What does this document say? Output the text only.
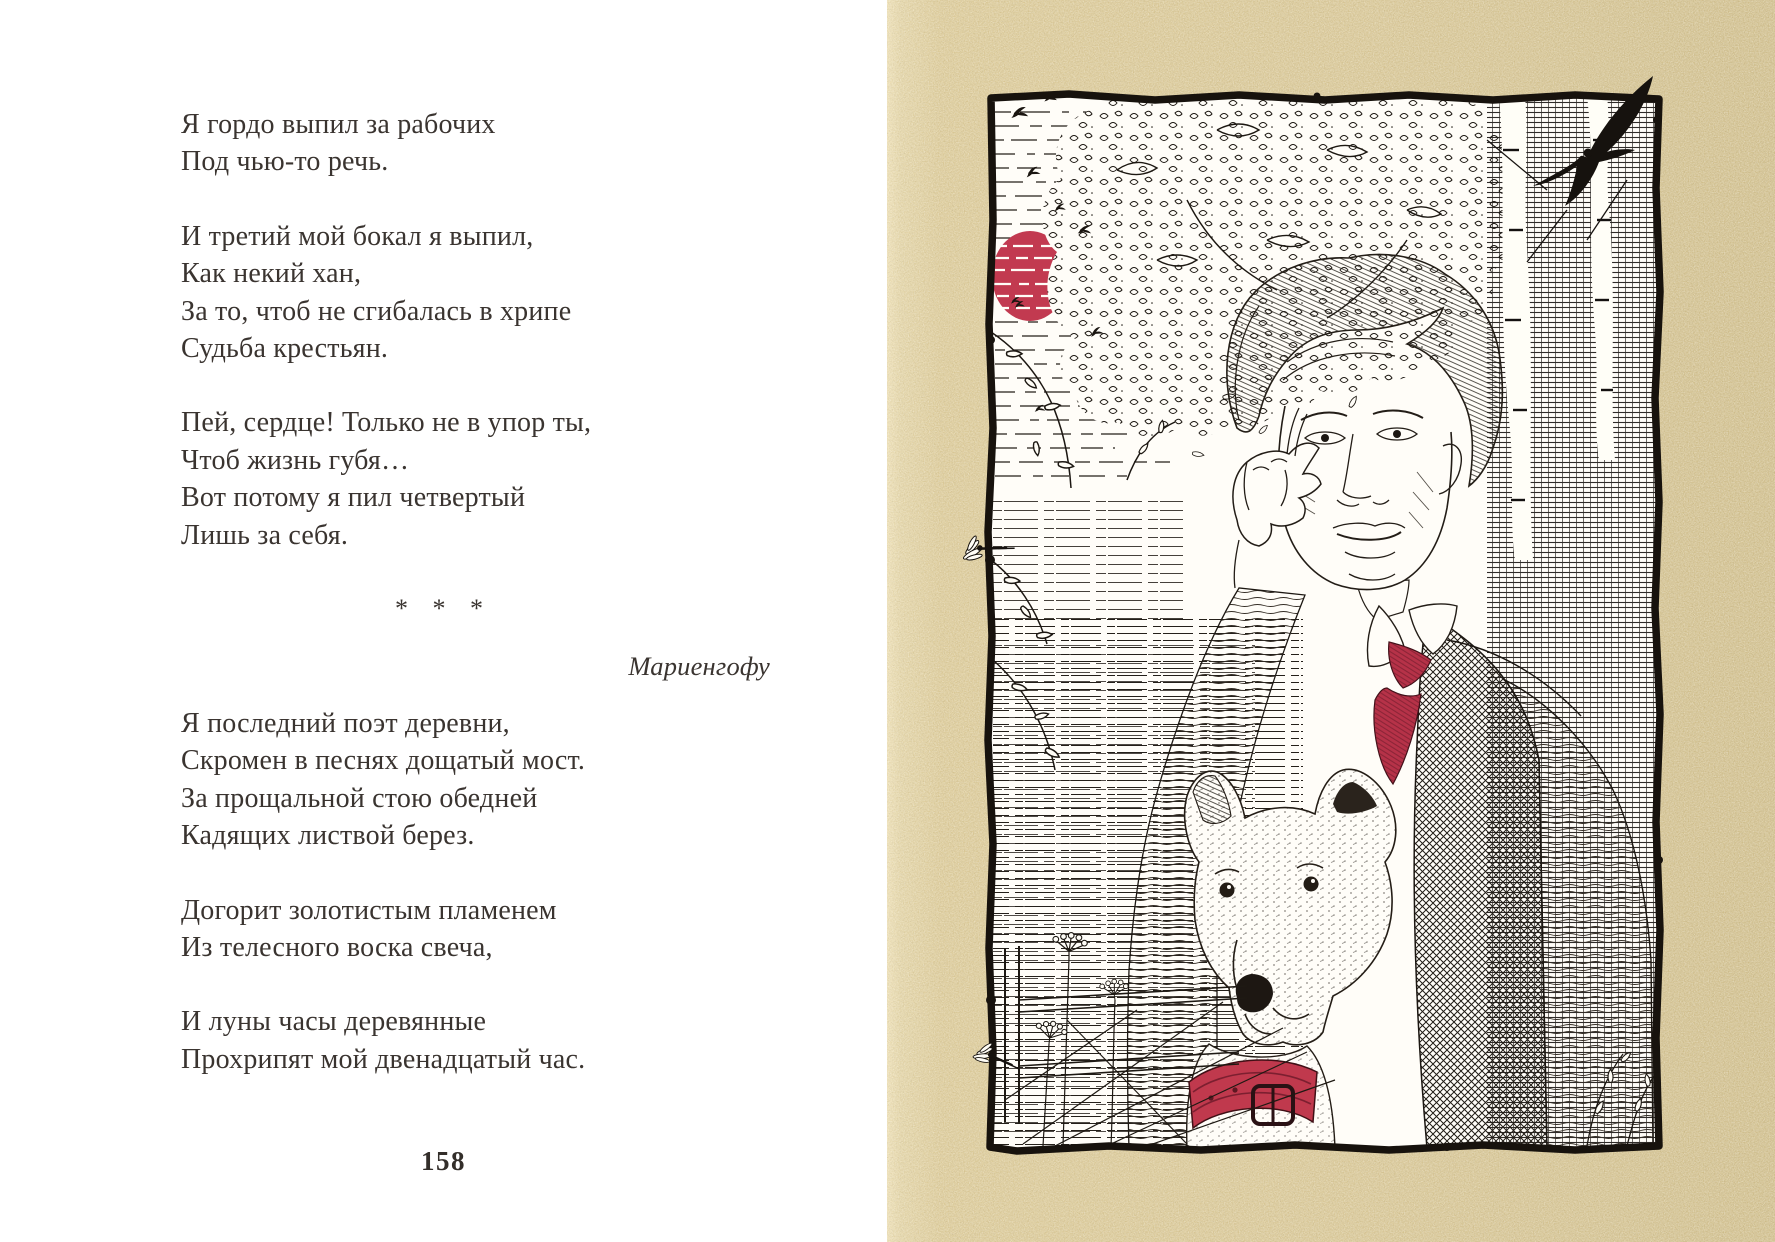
Я гордо выпил за рабочих
Под чью-то речь.
И третий мой бокал я выпил,
Как некий хан,
За то, чтоб не сгибалась в хрипе
Судьба крестьян.
Пей, сердце! Только не в упор ты,
Чтоб жизнь губя…
Вот потому я пил четвертый
Лишь за себя.
* * *
Мариенгофу
Я последний поэт деревни,
Скромен в песнях дощатый мост.
За прощальной стою обедней
Кадящих листвой берез.
Догорит золотистым пламенем
Из телесного воска свеча,
И луны часы деревянные
Прохрипят мой двенадцатый час.
158
